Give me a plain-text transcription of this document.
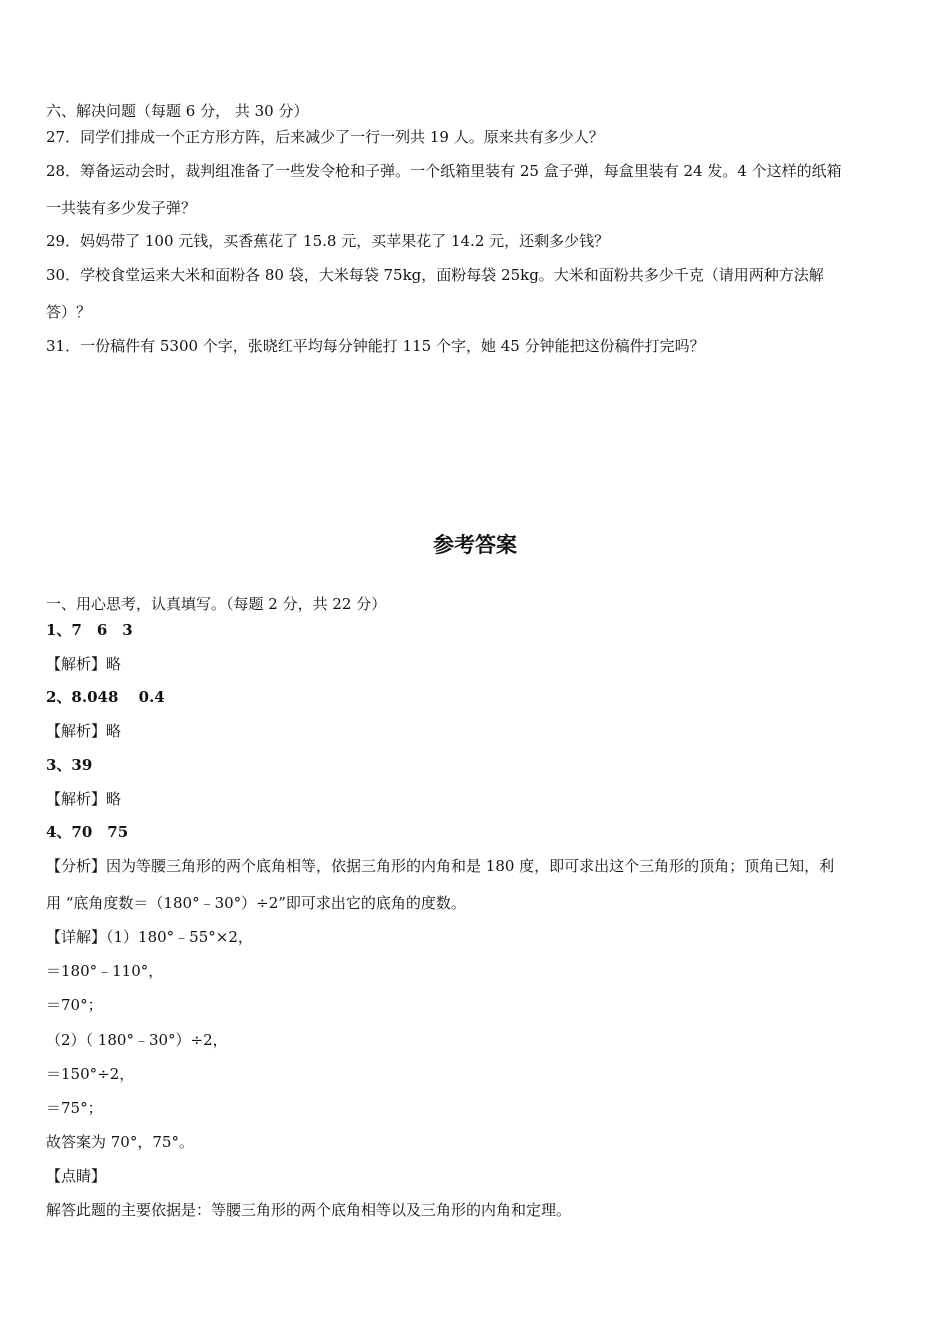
六、解决问题（每题 6 分， 共 30 分）
27．同学们排成一个正方形方阵，后来减少了一行一列共 19 人。原来共有多少人？
28．筹备运动会时，裁判组准备了一些发令枪和子弹。一个纸箱里装有 25 盒子弹，每盒里装有 24 发。4 个这样的纸箱
一共装有多少发子弹？
29．妈妈带了 100 元钱，买香蕉花了 15.8 元，买苹果花了 14.2 元，还剩多少钱？
30．学校食堂运来大米和面粉各 80 袋，大米每袋 75kg，面粉每袋 25kg。大米和面粉共多少千克（请用两种方法解
答）？
31．一份稿件有 5300 个字，张晓红平均每分钟能打 115 个字，她 45 分钟能把这份稿件打完吗？
参考答案
一、用心思考，认真填写。（每题 2 分，共 22 分）
1、7　6　3
【解析】略
2、8.048　 0.4
【解析】略
3、39
【解析】略
4、70　75
【分析】因为等腰三角形的两个底角相等，依据三角形的内角和是 180 度，即可求出这个三角形的顶角；顶角已知，利
用 “底角度数＝（180°﹣30°）÷2”即可求出它的底角的度数。
【详解】（1）180°﹣55°×2，
＝180°﹣110°，
＝70°；
（2）（ 180°﹣30°）÷2，
＝150°÷2，
＝75°；
故答案为 70°，75°。
【点睛】
解答此题的主要依据是：等腰三角形的两个底角相等以及三角形的内角和定理。
